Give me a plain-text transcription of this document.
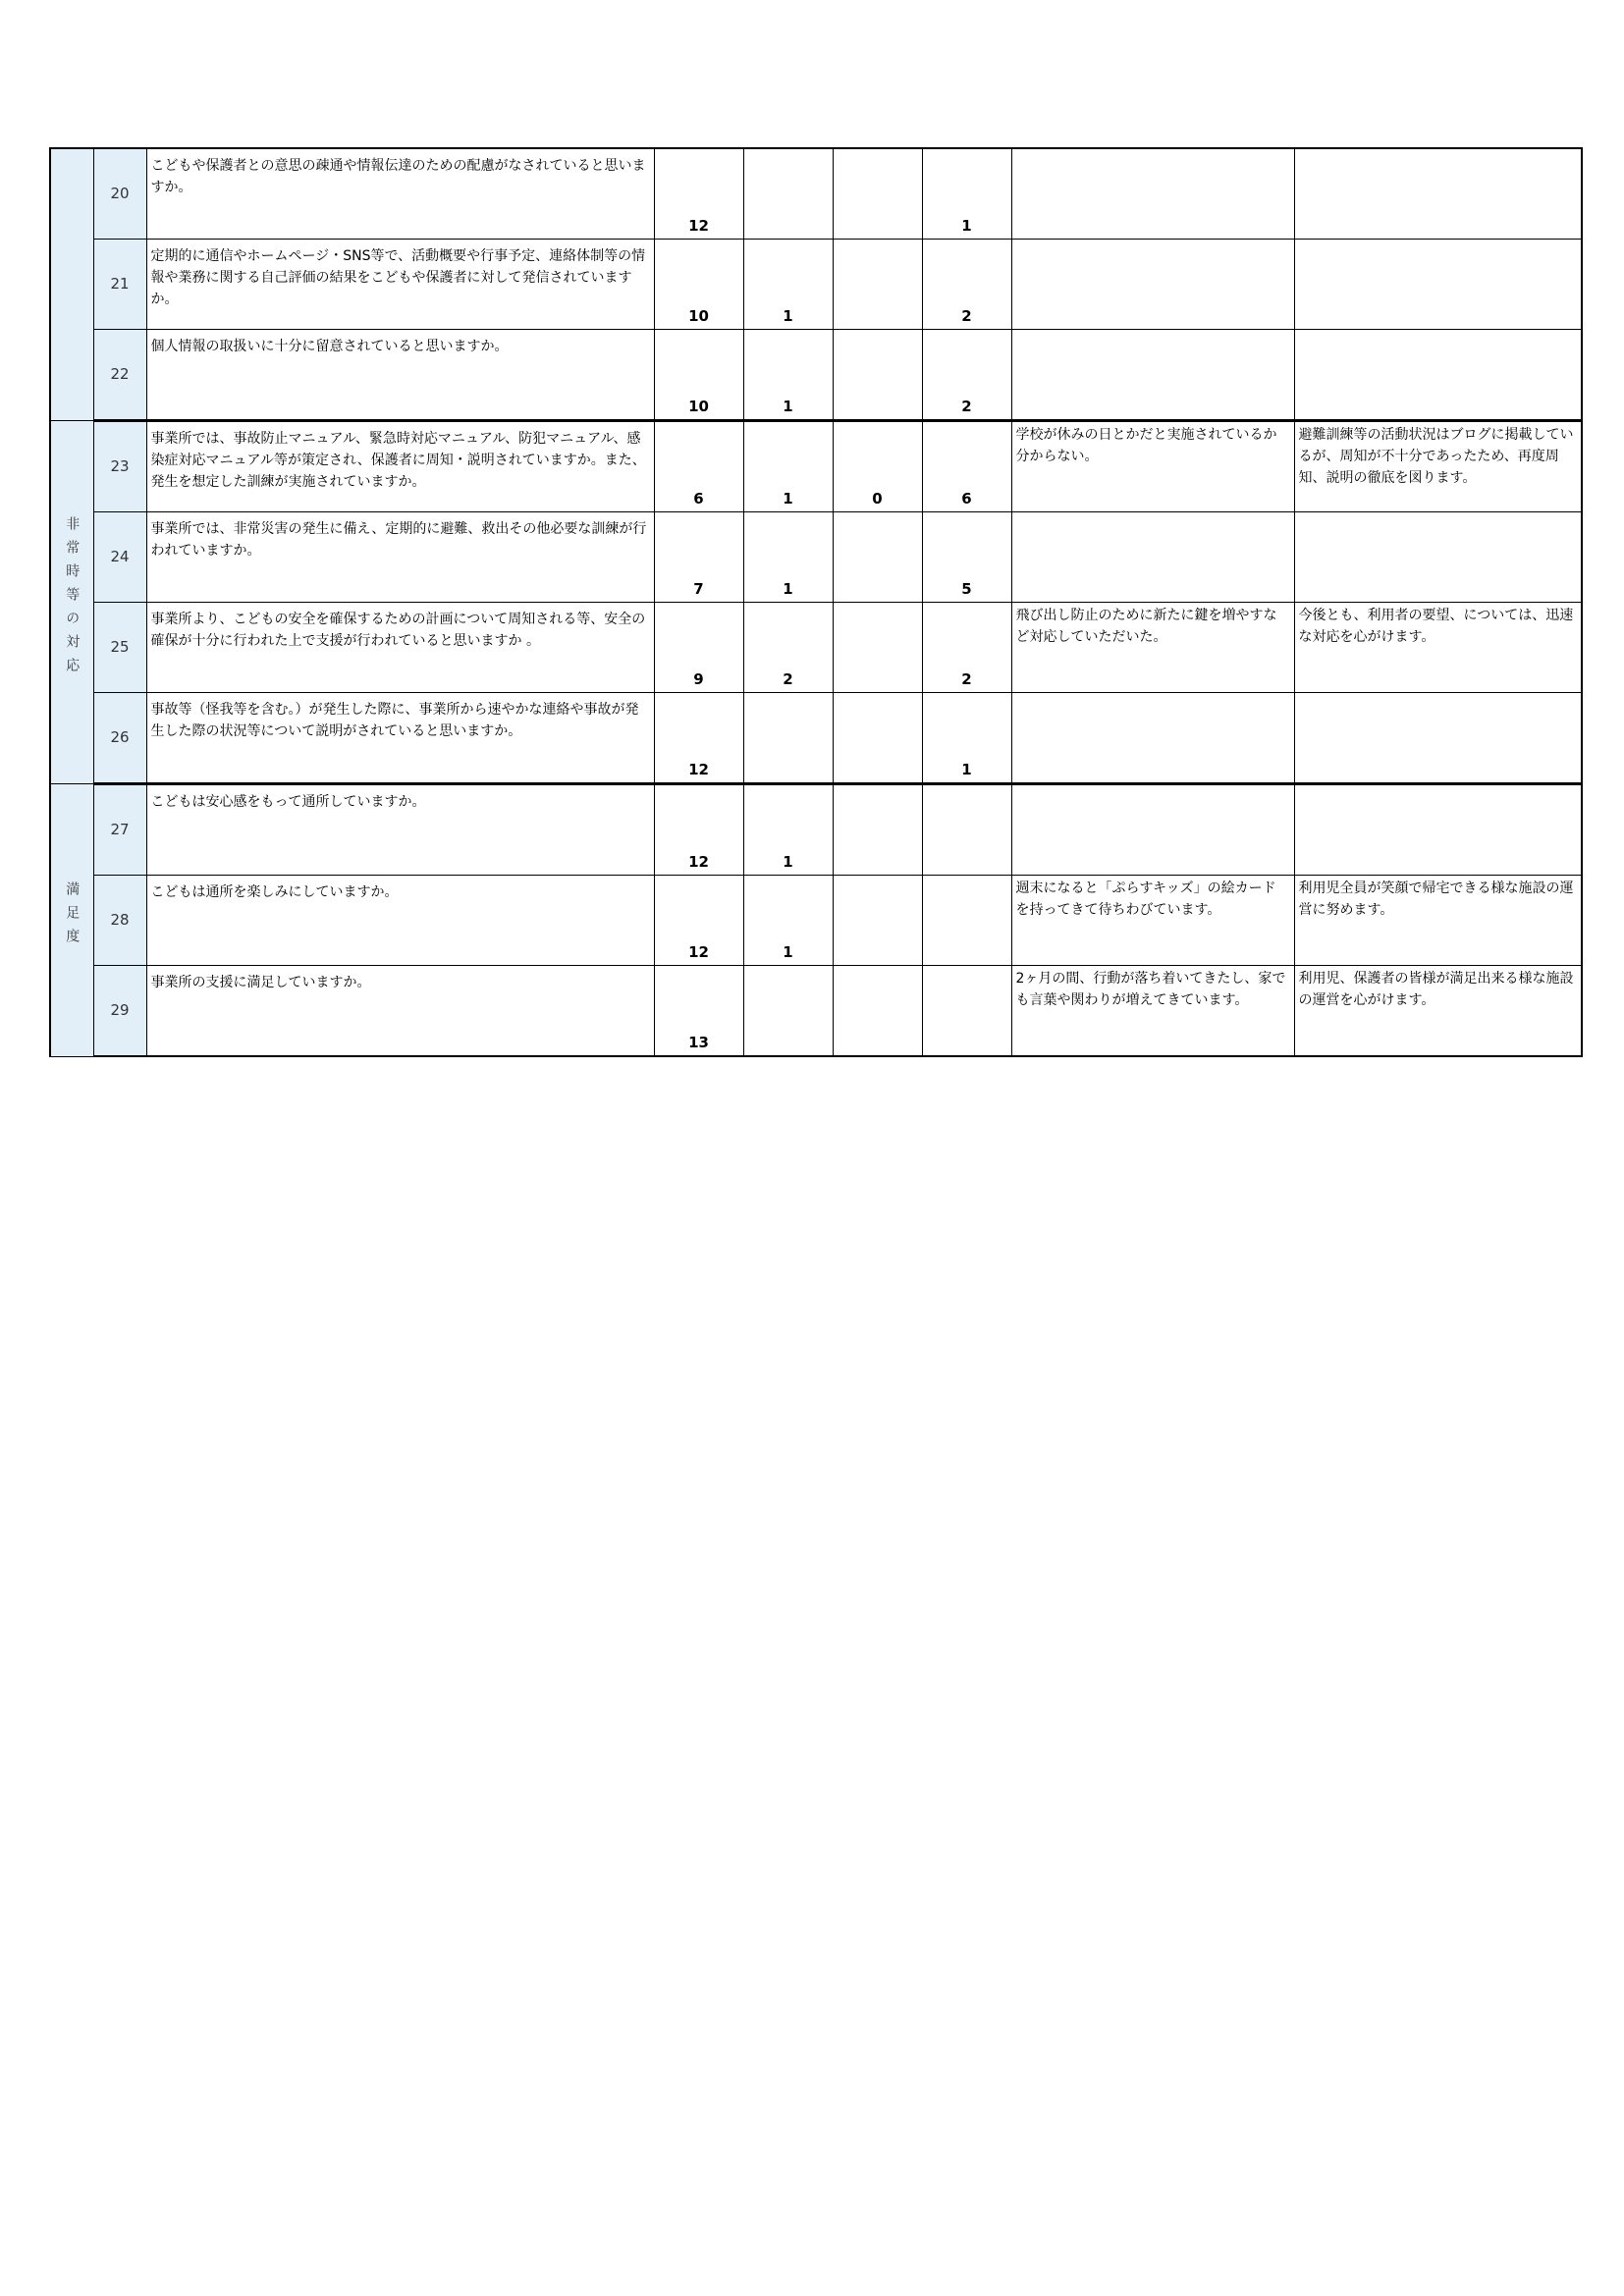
	20	こどもや保護者との意思の疎通や情報伝達のための配慮がなされていると思いますか。	12			1		
	21	定期的に通信やホームページ・SNS等で、活動概要や行事予定、連絡体制等の情報や業務に関する自己評価の結果をこどもや保護者に対して発信されていますか。	10	1		2		
	22	個人情報の取扱いに十分に留意されていると思いますか。	10	1		2		
非常時等の対応	23	事業所では、事故防止マニュアル、緊急時対応マニュアル、防犯マニュアル、感染症対応マニュアル等が策定され、保護者に周知・説明されていますか。また、発生を想定した訓練が実施されていますか。	6	1	0	6	学校が休みの日とかだと実施されているか分からない。	避難訓練等の活動状況はブログに掲載しているが、周知が不十分であったため、再度周知、説明の徹底を図ります。
	24	事業所では、非常災害の発生に備え、定期的に避難、救出その他必要な訓練が行われていますか。	7	1		5		
	25	事業所より、こどもの安全を確保するための計画について周知される等、安全の確保が十分に行われた上で支援が行われていると思いますか 。	9	2		2	飛び出し防止のために新たに鍵を増やすなど対応していただいた。	今後とも、利用者の要望、については、迅速な対応を心がけます。
	26	事故等（怪我等を含む。）が発生した際に、事業所から速やかな連絡や事故が発生した際の状況等について説明がされていると思いますか。	12			1		
満足度	27	こどもは安心感をもって通所していますか。	12	1				
	28	こどもは通所を楽しみにしていますか。	12	1			週末になると「ぷらすキッズ」の絵カードを持ってきて待ちわびています。	利用児全員が笑顔で帰宅できる様な施設の運営に努めます。
	29	事業所の支援に満足していますか。	13				2ヶ月の間、行動が落ち着いてきたし、家でも言葉や関わりが増えてきています。	利用児、保護者の皆様が満足出来る様な施設の運営を心がけます。
